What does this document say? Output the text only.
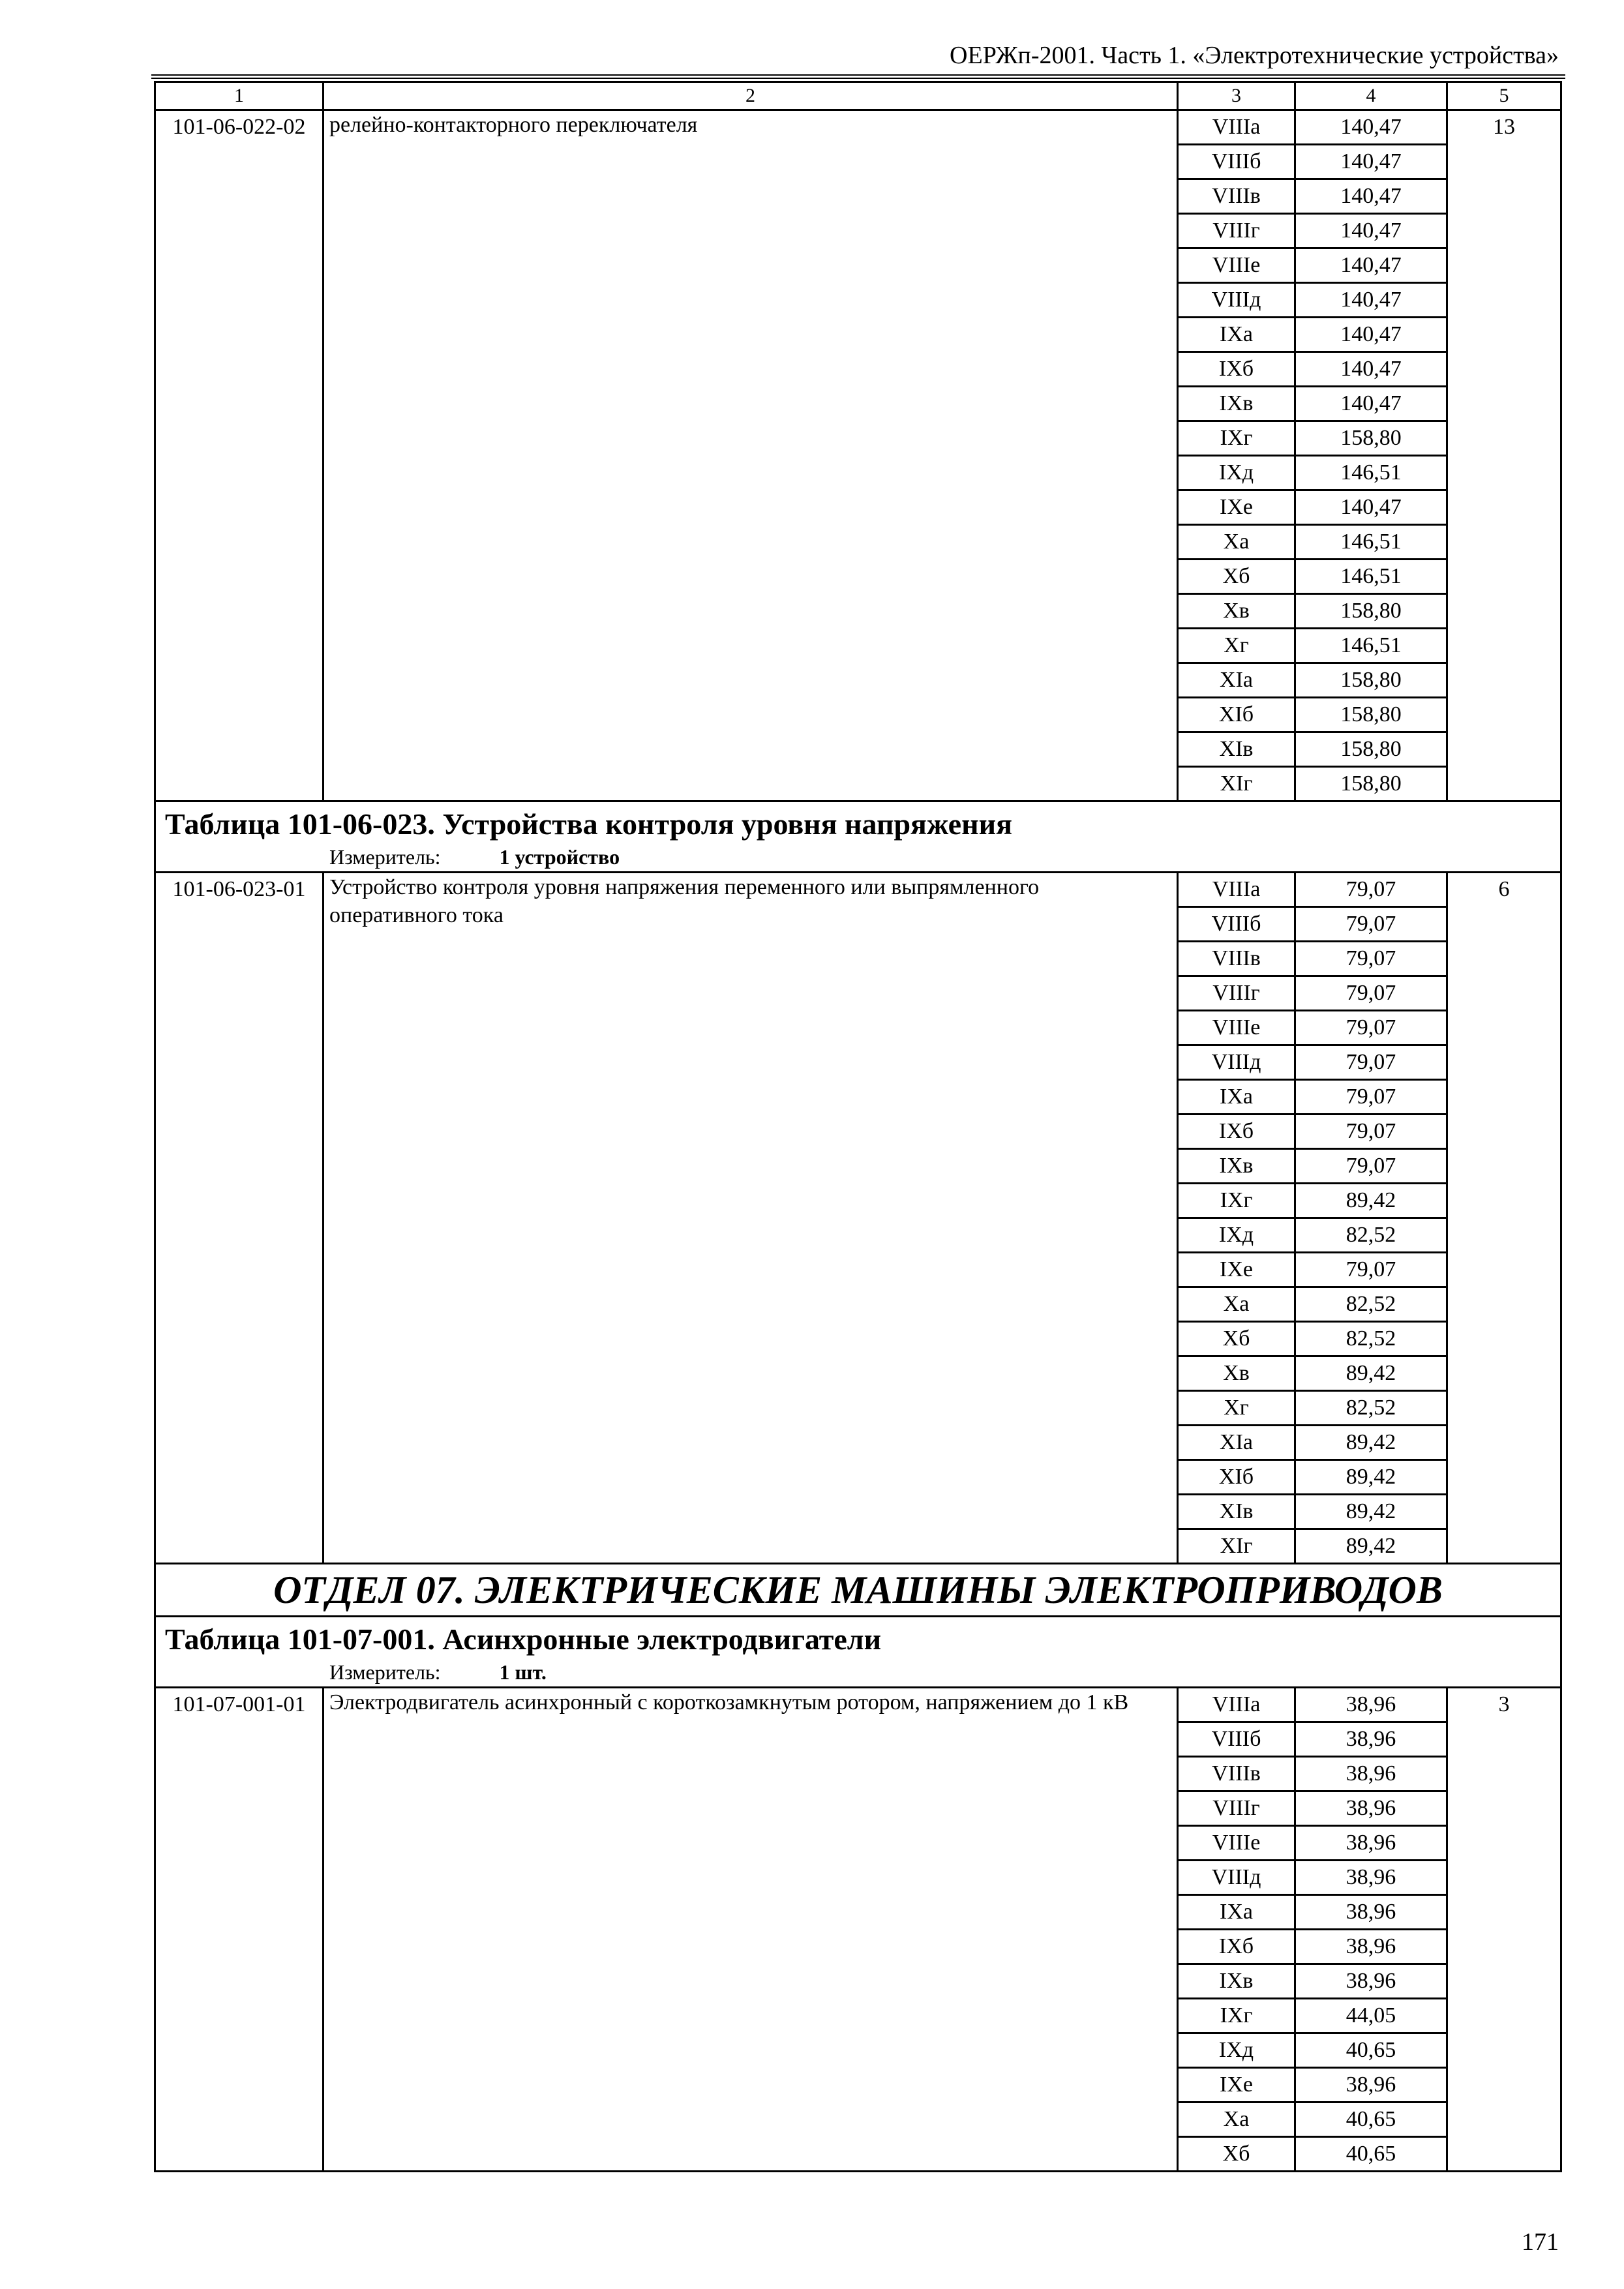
ОЕРЖп-2001. Часть 1. «Электротехнические устройства»
1	2	3	4	5
101-06-022-02	релейно-контакторного переключателя	VIIIа	140,47	13
		VIIIб	140,47	
		VIIIв	140,47	
		VIIIг	140,47	
		VIIIе	140,47	
		VIIIд	140,47	
		IXа	140,47	
		IXб	140,47	
		IXв	140,47	
		IXг	158,80	
		IXд	146,51	
		IXе	140,47	
		Xа	146,51	
		Xб	146,51	
		Xв	158,80	
		Xг	146,51	
		XIа	158,80	
		XIб	158,80	
		XIв	158,80	
		XIг	158,80	

Таблица 101-06-023. Устройства контроля уровня напряжения
Измеритель: 1 устройство				

101-06-023-01	Устройство контроля уровня напряжения переменного или выпрямленного оперативного тока	VIIIа	79,07	6
		VIIIб	79,07	
		VIIIв	79,07	
		VIIIг	79,07	
		VIIIе	79,07	
		VIIIд	79,07	
		IXа	79,07	
		IXб	79,07	
		IXв	79,07	
		IXг	89,42	
		IXд	82,52	
		IXе	79,07	
		Xа	82,52	
		Xб	82,52	
		Xв	89,42	
		Xг	82,52	
		XIа	89,42	
		XIб	89,42	
		XIв	89,42	
		XIг	89,42	
ОТДЕЛ 07. ЭЛЕКТРИЧЕСКИЕ МАШИНЫ ЭЛЕКТРОПРИВОДОВ				

Таблица 101-07-001. Асинхронные электродвигатели
Измеритель: 1 шт.				

101-07-001-01	Электродвигатель асинхронный с короткозамкнутым ротором, напряжением до 1 кВ	VIIIа	38,96	3
		VIIIб	38,96	
		VIIIв	38,96	
		VIIIг	38,96	
		VIIIе	38,96	
		VIIIд	38,96	
		IXа	38,96	
		IXб	38,96	
		IXв	38,96	
		IXг	44,05	
		IXд	40,65	
		IXе	38,96	
		Xа	40,65	
		Xб	40,65	
171
